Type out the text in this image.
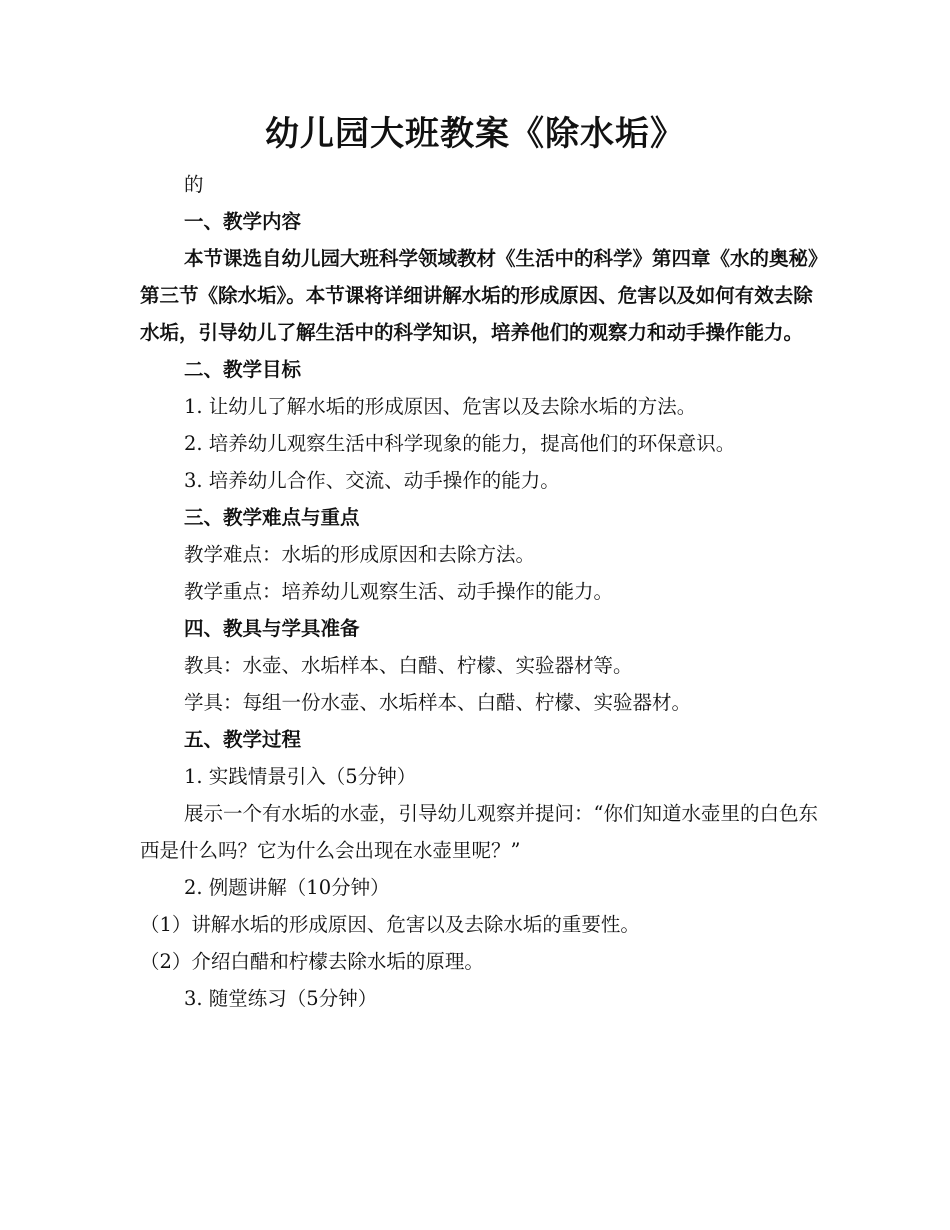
幼儿园大班教案《除水垢》

的

一、教学内容

本节课选自幼儿园大班科学领域教材《生活中的科学》第四章《水的奥秘》第三节《除水垢》。本节课将详细讲解水垢的形成原因、危害以及如何有效去除水垢，引导幼儿了解生活中的科学知识，培养他们的观察力和动手操作能力。

二、教学目标

1. 让幼儿了解水垢的形成原因、危害以及去除水垢的方法。

2. 培养幼儿观察生活中科学现象的能力，提高他们的环保意识。

3. 培养幼儿合作、交流、动手操作的能力。

三、教学难点与重点

教学难点：水垢的形成原因和去除方法。

教学重点：培养幼儿观察生活、动手操作的能力。

四、教具与学具准备

教具：水壶、水垢样本、白醋、柠檬、实验器材等。

学具：每组一份水壶、水垢样本、白醋、柠檬、实验器材。

五、教学过程

1. 实践情景引入（5分钟）

展示一个有水垢的水壶，引导幼儿观察并提问：“你们知道水壶里的白色东西是什么吗？它为什么会出现在水壶里呢？”

2. 例题讲解（10分钟）

（1）讲解水垢的形成原因、危害以及去除水垢的重要性。

（2）介绍白醋和柠檬去除水垢的原理。

3. 随堂练习（5分钟）
